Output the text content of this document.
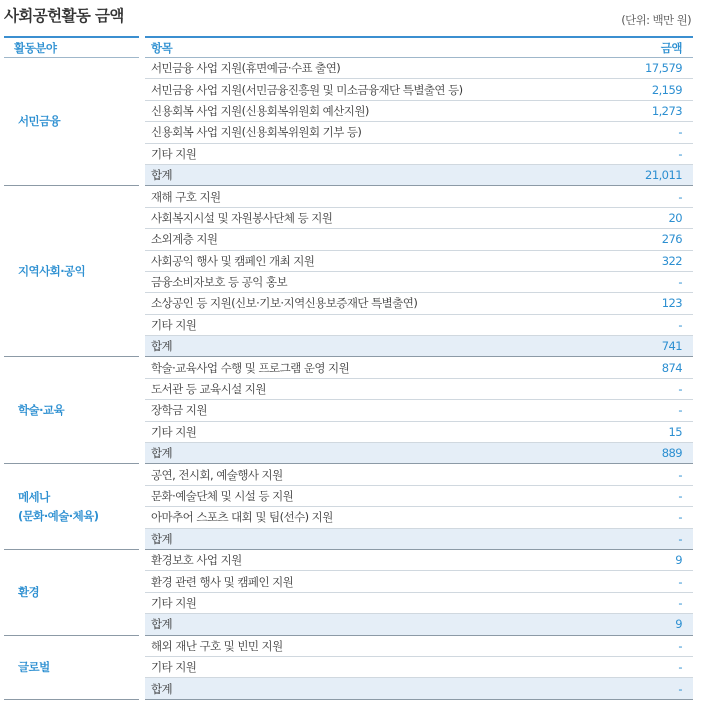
사회공헌활동 금액	(단위: 백만 원)
활동분야		항목	금액
서민금융		서민금융 사업 지원(휴면예금·수표 출연)	17,579
		서민금융 사업 지원(서민금융진흥원 및 미소금융재단 특별출연 등)	2,159
		신용회복 사업 지원(신용회복위원회 예산지원)	1,273
		신용회복 사업 지원(신용회복위원회 기부 등)	-
		기타 지원	-
		합계	21,011
지역사회·공익		재해 구호 지원	-
		사회복지시설 및 자원봉사단체 등 지원	20
		소외계층 지원	276
		사회공익 행사 및 캠페인 개최 지원	322
		금융소비자보호 등 공익 홍보	-
		소상공인 등 지원(신보·기보·지역신용보증재단 특별출연)	123
		기타 지원	-
		합계	741
학술·교육		학술·교육사업 수행 및 프로그램 운영 지원	874
		도서관 등 교육시설 지원	-
		장학금 지원	-
		기타 지원	15
		합계	889
메세나
(문화·예술·체육)		공연, 전시회, 예술행사 지원	-
		문화·예술단체 및 시설 등 지원	-
		아마추어 스포츠 대회 및 팀(선수) 지원	-
		합계	-
환경		환경보호 사업 지원	9
		환경 관련 행사 및 캠페인 지원	-
		기타 지원	-
		합계	9
글로벌		해외 재난 구호 및 빈민 지원	-
		기타 지원	-
		합계	-
